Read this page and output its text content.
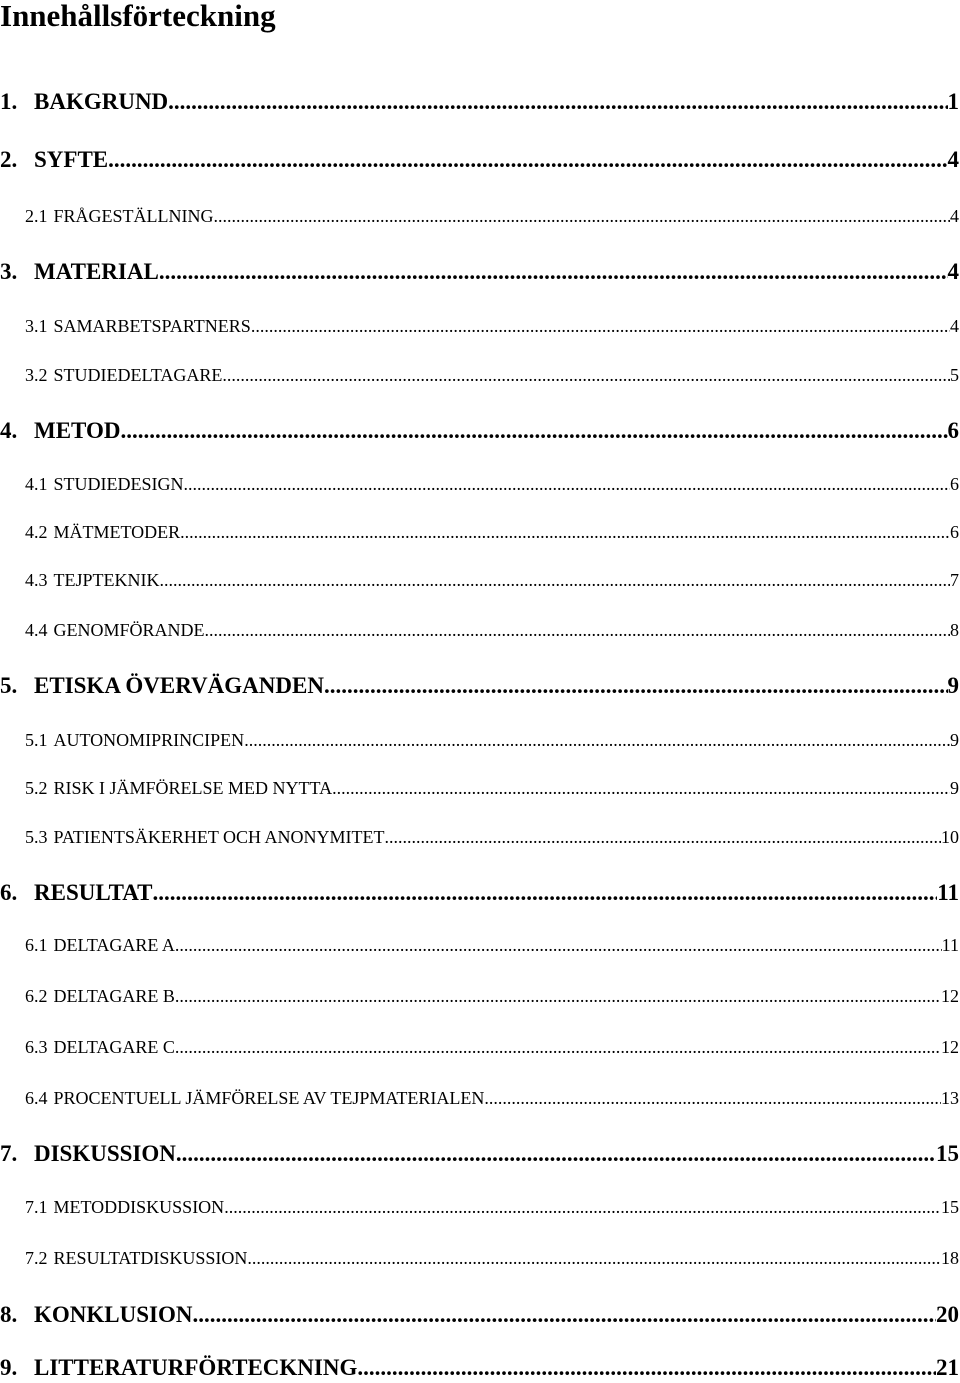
Innehållsförteckning
1. BAKGRUND .....	1
2. SYFTE .....	4
2.1 FRÅGESTÄLLNING .....	4
3. MATERIAL .....	4
3.1 SAMARBETSPARTNERS .....	4
3.2 STUDIEDELTAGARE .....	5
4. METOD .....	6
4.1 STUDIEDESIGN .....	6
4.2 MÄTMETODER .....	6
4.3 TEJPTEKNIK .....	7
4.4 GENOMFÖRANDE .....	8
5. ETISKA ÖVERVÄGANDEN .....	9
5.1 AUTONOMIPRINCIPEN .....	9
5.2 RISK I JÄMFÖRELSE MED NYTTA .....	9
5.3 PATIENTSÄKERHET OCH ANONYMITET .....	10
6. RESULTAT .....	11
6.1 DELTAGARE A .....	11
6.2 DELTAGARE B .....	12
6.3 DELTAGARE C .....	12
6.4 PROCENTUELL JÄMFÖRELSE AV TEJPMATERIALEN .....	13
7. DISKUSSION .....	15
7.1 METODDISKUSSION .....	15
7.2 RESULTATDISKUSSION .....	18
8. KONKLUSION .....	20
9. LITTERATURFÖRTECKNING .....	21
